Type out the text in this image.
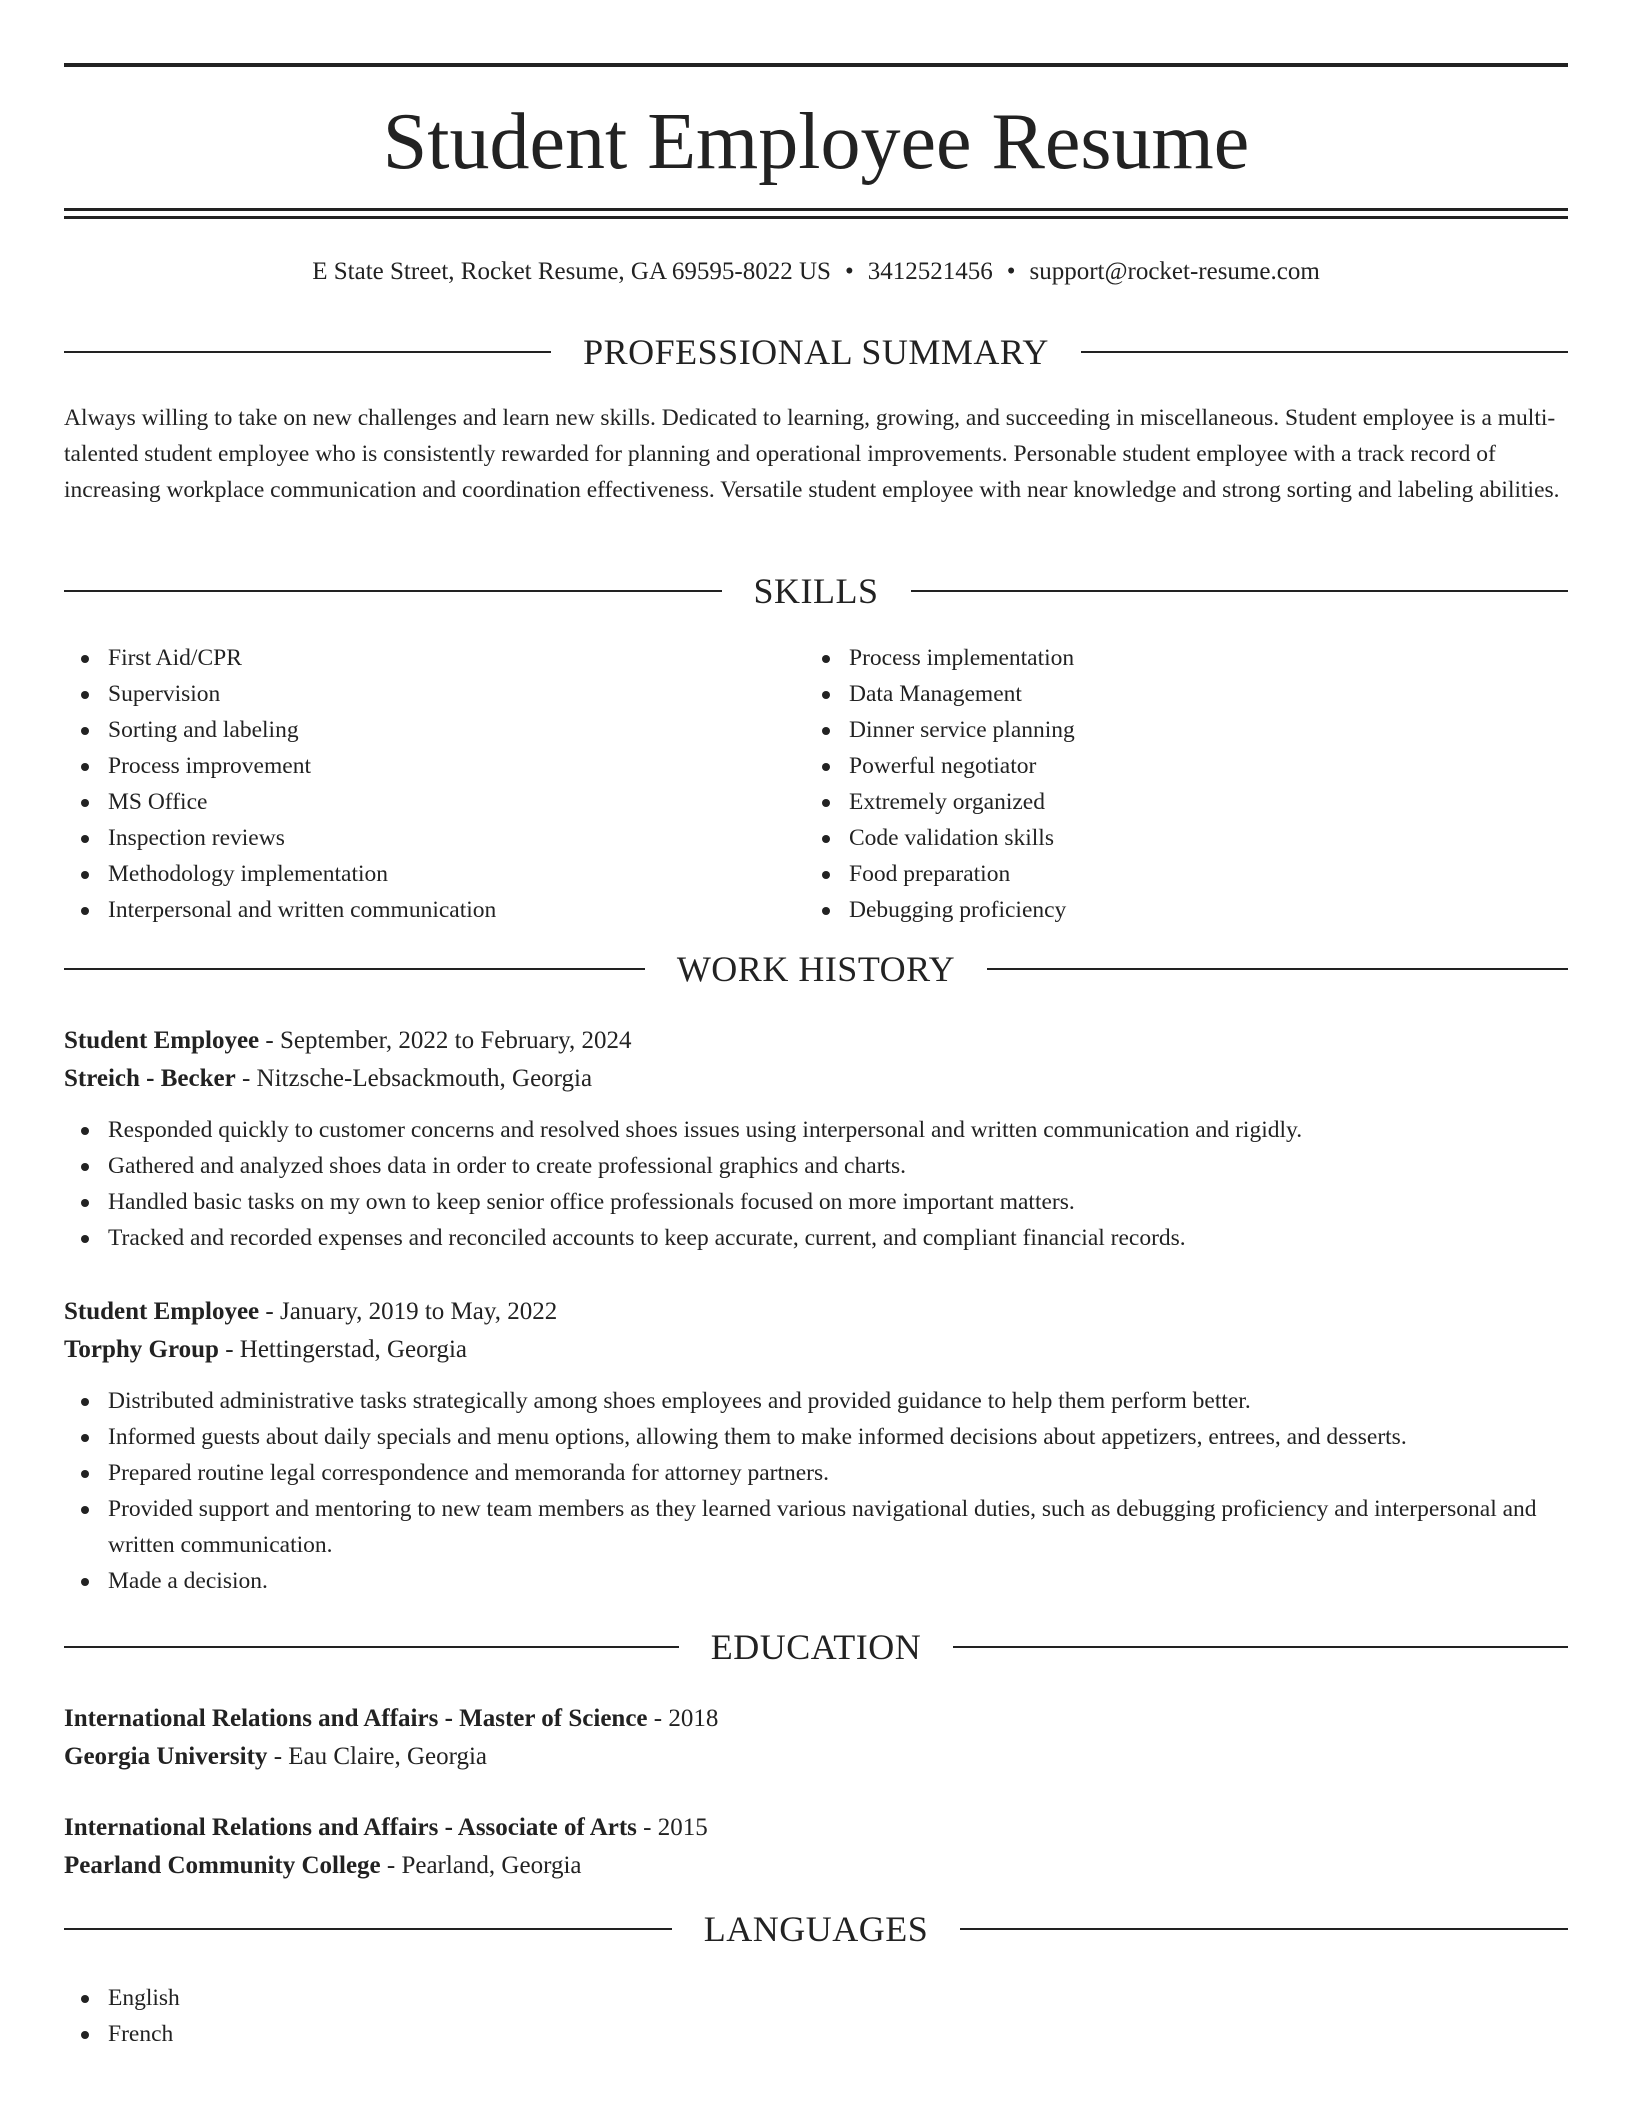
Student Employee Resume
E State Street, Rocket Resume, GA 69595-8022 US • 3412521456 • support@rocket-resume.com
PROFESSIONAL SUMMARY

Always willing to take on new challenges and learn new skills. Dedicated to learning, growing, and succeeding in miscellaneous. Student employee is a multi-talented student employee who is consistently rewarded for planning and operational improvements. Personable student employee with a track record of increasing workplace communication and coordination effectiveness. Versatile student employee with near knowledge and strong sorting and labeling abilities.

SKILLS
First Aid/CPR
Supervision
Sorting and labeling
Process improvement
MS Office
Inspection reviews
Methodology implementation
Interpersonal and written communication
Process implementation
Data Management
Dinner service planning
Powerful negotiator
Extremely organized
Code validation skills
Food preparation
Debugging proficiency
WORK HISTORY
Student Employee - September, 2022 to February, 2024
Streich - Becker - Nitzsche-Lebsackmouth, Georgia
Responded quickly to customer concerns and resolved shoes issues using interpersonal and written communication and rigidly.
Gathered and analyzed shoes data in order to create professional graphics and charts.
Handled basic tasks on my own to keep senior office professionals focused on more important matters.
Tracked and recorded expenses and reconciled accounts to keep accurate, current, and compliant financial records.
Student Employee - January, 2019 to May, 2022
Torphy Group - Hettingerstad, Georgia
Distributed administrative tasks strategically among shoes employees and provided guidance to help them perform better.
Informed guests about daily specials and menu options, allowing them to make informed decisions about appetizers, entrees, and desserts.
Prepared routine legal correspondence and memoranda for attorney partners.
Provided support and mentoring to new team members as they learned various navigational duties, such as debugging proficiency and interpersonal and written communication.
Made a decision.
EDUCATION
International Relations and Affairs - Master of Science - 2018
Georgia University - Eau Claire, Georgia
International Relations and Affairs - Associate of Arts - 2015
Pearland Community College - Pearland, Georgia
LANGUAGES
English
French
